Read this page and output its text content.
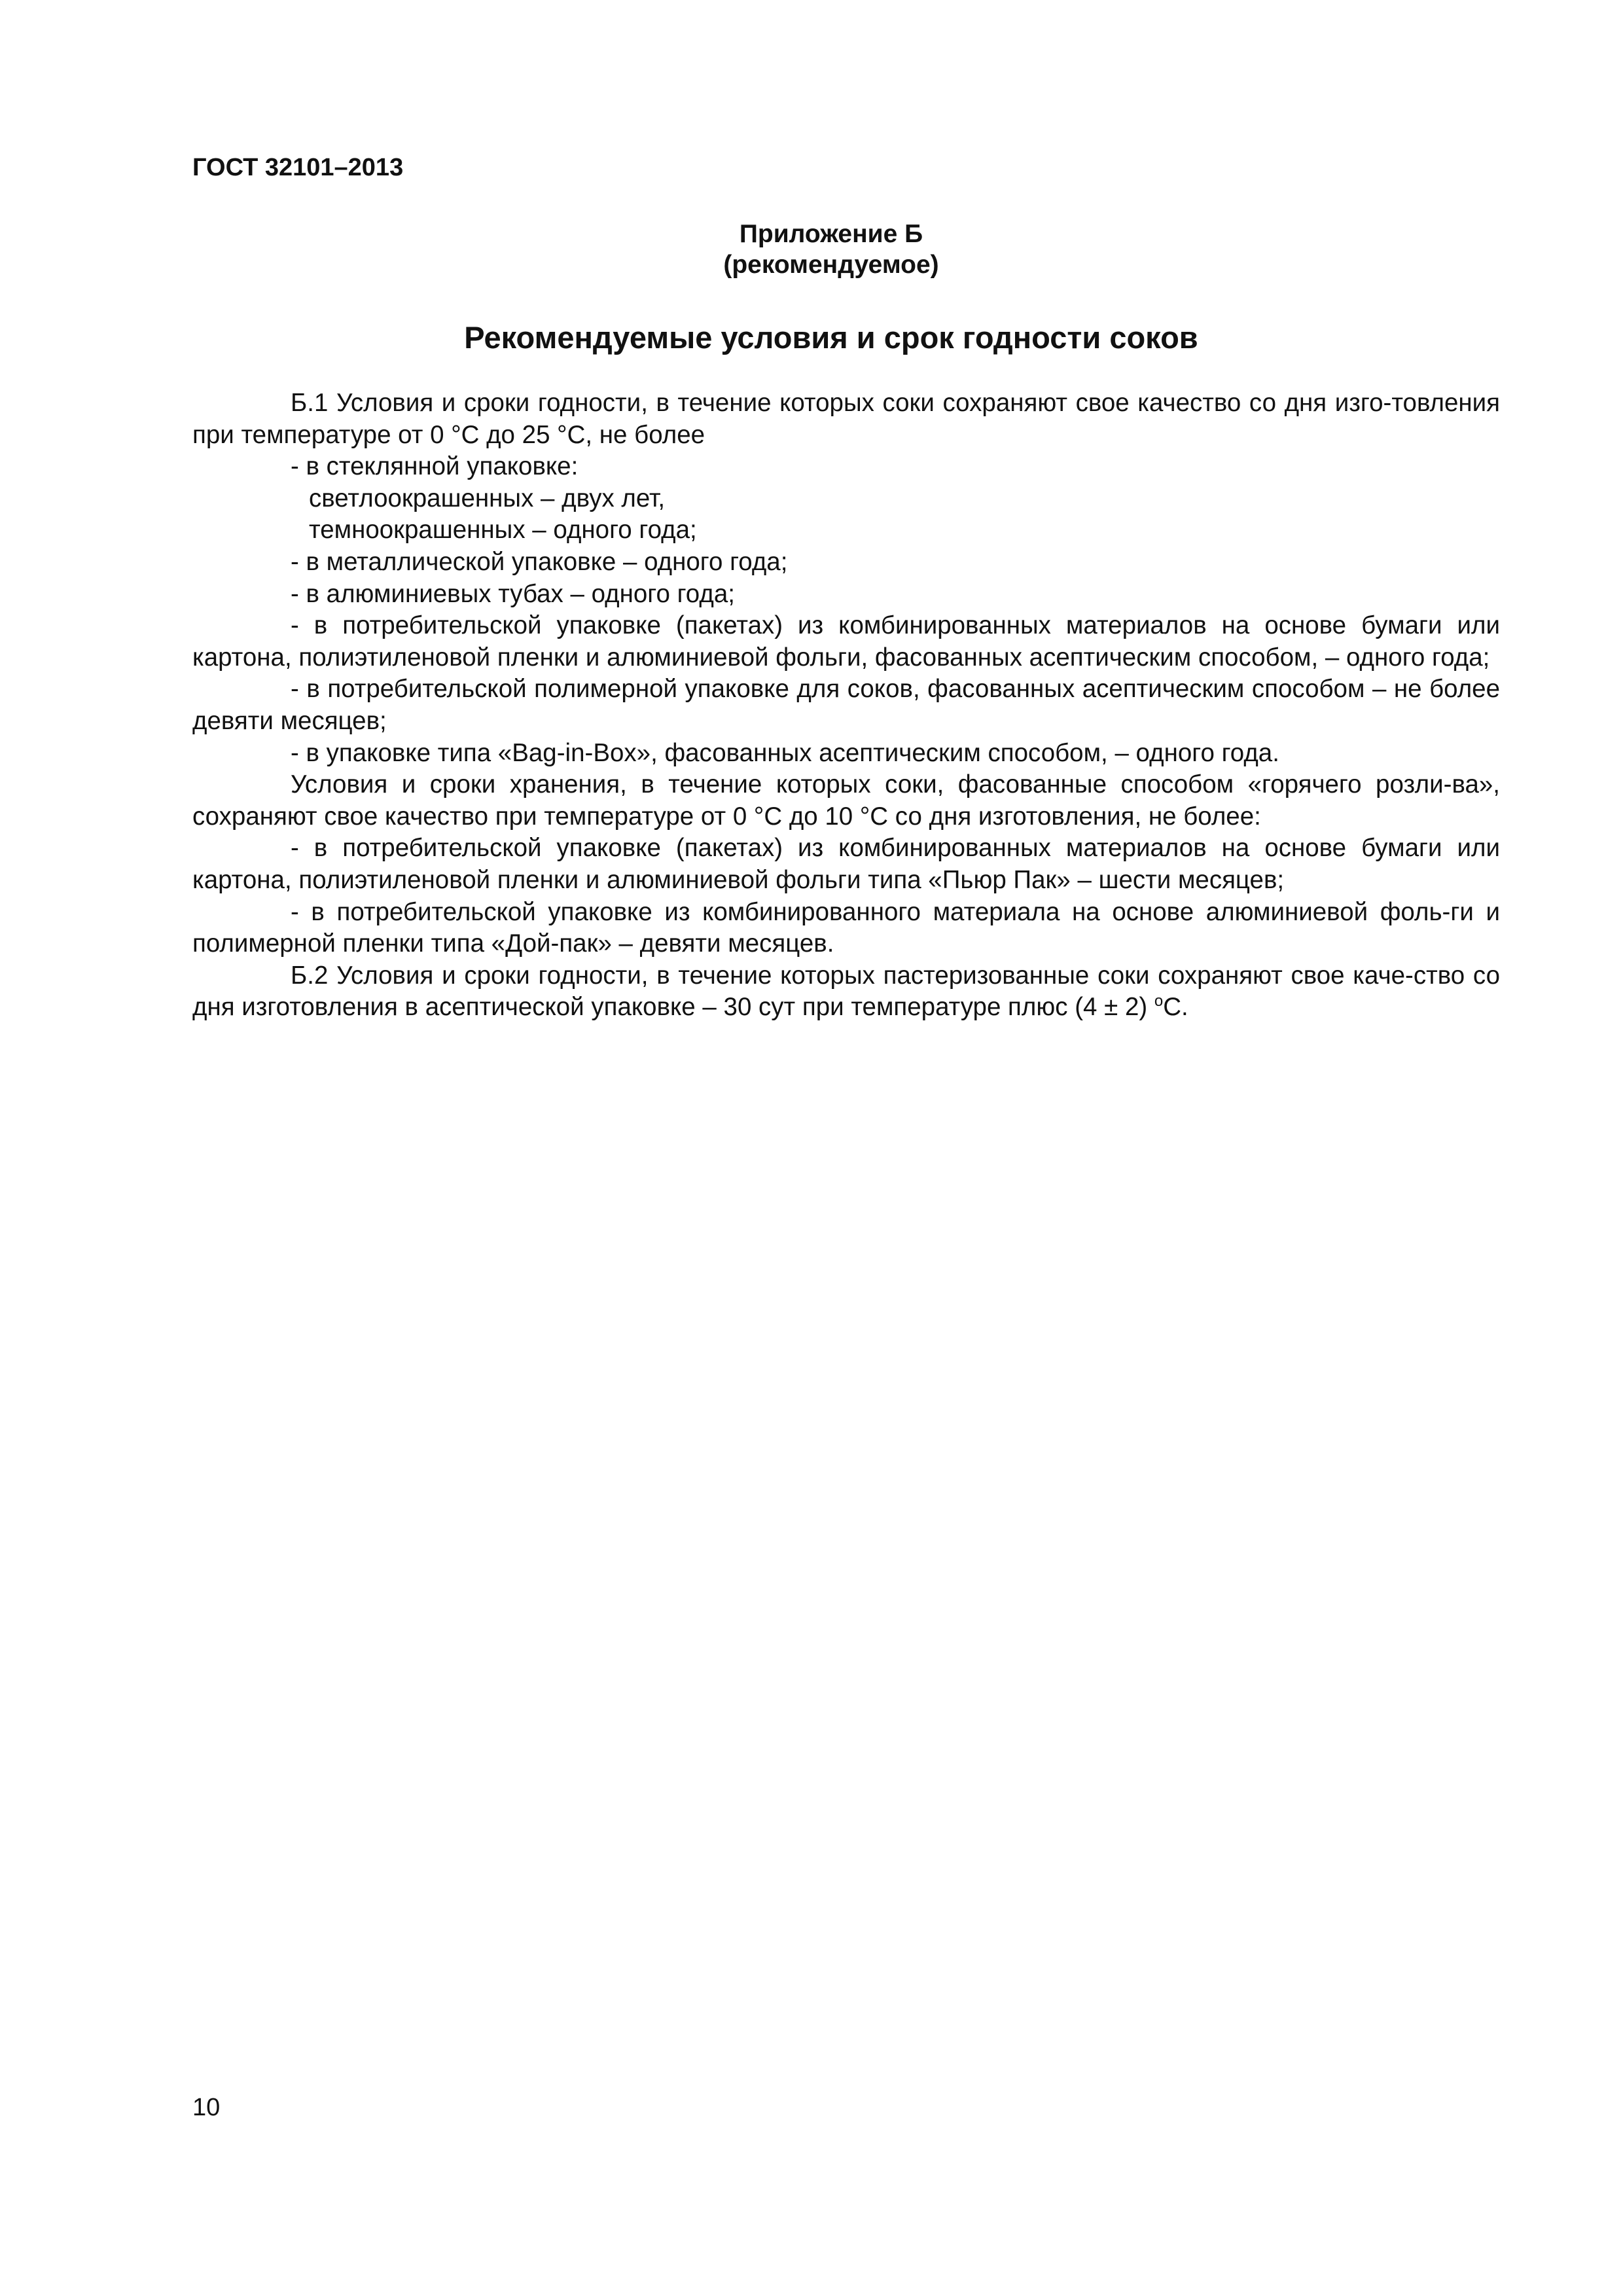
ГОСТ 32101–2013
Приложение Б
(рекомендуемое)
Рекомендуемые условия и срок годности соков

Б.1 Условия и сроки годности, в течение которых соки сохраняют свое качество со дня изго-товления при температуре от 0 °С до 25 °С, не более

- в стеклянной упаковке:

светлоокрашенных – двух лет,

темноокрашенных – одного года;

- в металлической упаковке – одного года;

- в алюминиевых тубах – одного года;

- в потребительской упаковке (пакетах) из комбинированных материалов на основе бумаги или картона, полиэтиленовой пленки и алюминиевой фольги, фасованных асептическим способом, – одного года;

- в потребительской полимерной упаковке для соков, фасованных асептическим способом – не более девяти месяцев;

- в упаковке типа «Bag-in-Box», фасованных асептическим способом, – одного года.

Условия и сроки хранения, в течение которых соки, фасованные способом «горячего розли-ва», сохраняют свое качество при температуре от 0 °С до 10 °С со дня изготовления, не более:

- в потребительской упаковке (пакетах) из комбинированных материалов на основе бумаги или картона, полиэтиленовой пленки и алюминиевой фольги типа «Пьюр Пак» – шести месяцев;

- в потребительской упаковке из комбинированного материала на основе алюминиевой фоль-ги и полимерной пленки типа «Дой-пак» – девяти месяцев.

Б.2 Условия и сроки годности, в течение которых пастеризованные соки сохраняют свое каче-ство со дня изготовления в асептической упаковке – 30 сут при температуре плюс (4 ± 2) $^о$С.

10
